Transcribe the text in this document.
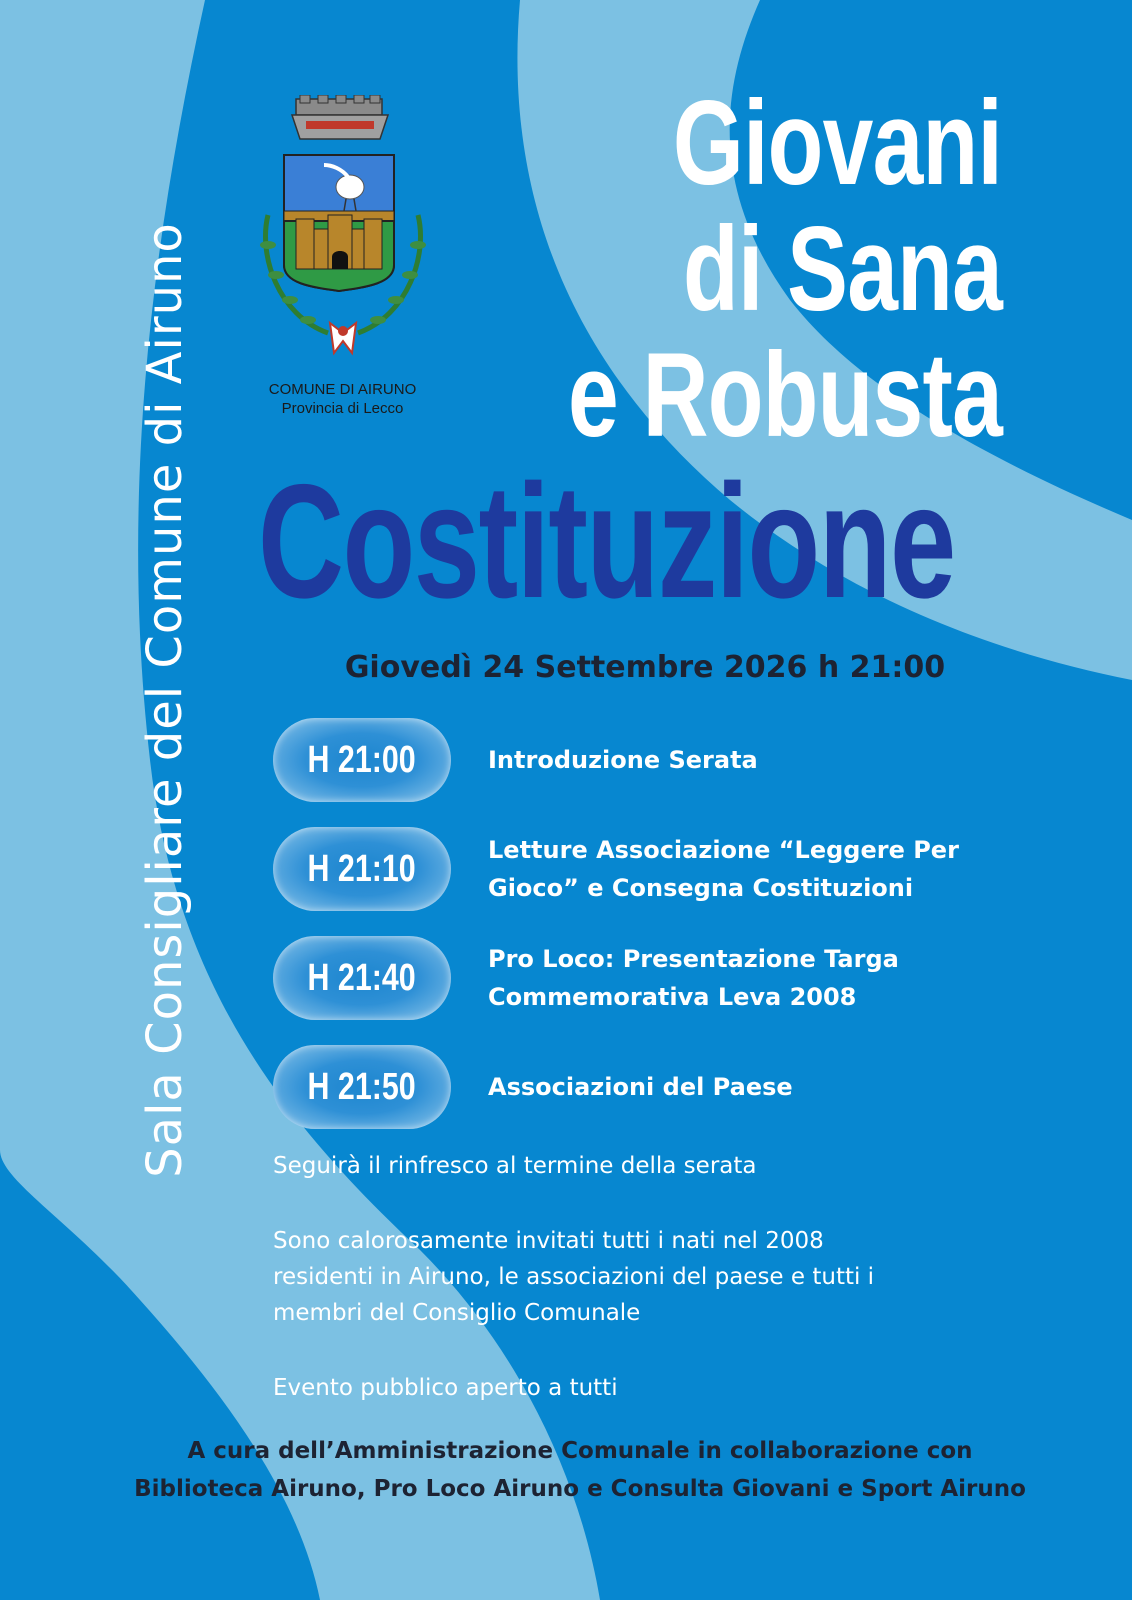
Sala Consigliare del Comune di Airuno	COMUNE DI AIRUNO
Provincia di Lecco
Giovani
di Sana
e Robusta
Costituzione
Giovedì 24 Settembre 2026 h 21:00
H 21:00	Introduzione Serata
H 21:10	Letture Associazione “Leggere Per Gioco” e Consegna Costituzioni
H 21:40	Pro Loco: Presentazione Targa Commemorativa Leva 2008
H 21:50	Associazioni del Paese
Seguirà il rinfresco al termine della serata
Sono calorosamente invitati tutti i nati nel 2008 residenti in Airuno, le associazioni del paese e tutti i membri del Consiglio Comunale
Evento pubblico aperto a tutti
A cura dell’Amministrazione Comunale in collaborazione con
Biblioteca Airuno, Pro Loco Airuno e Consulta Giovani e Sport Airuno
